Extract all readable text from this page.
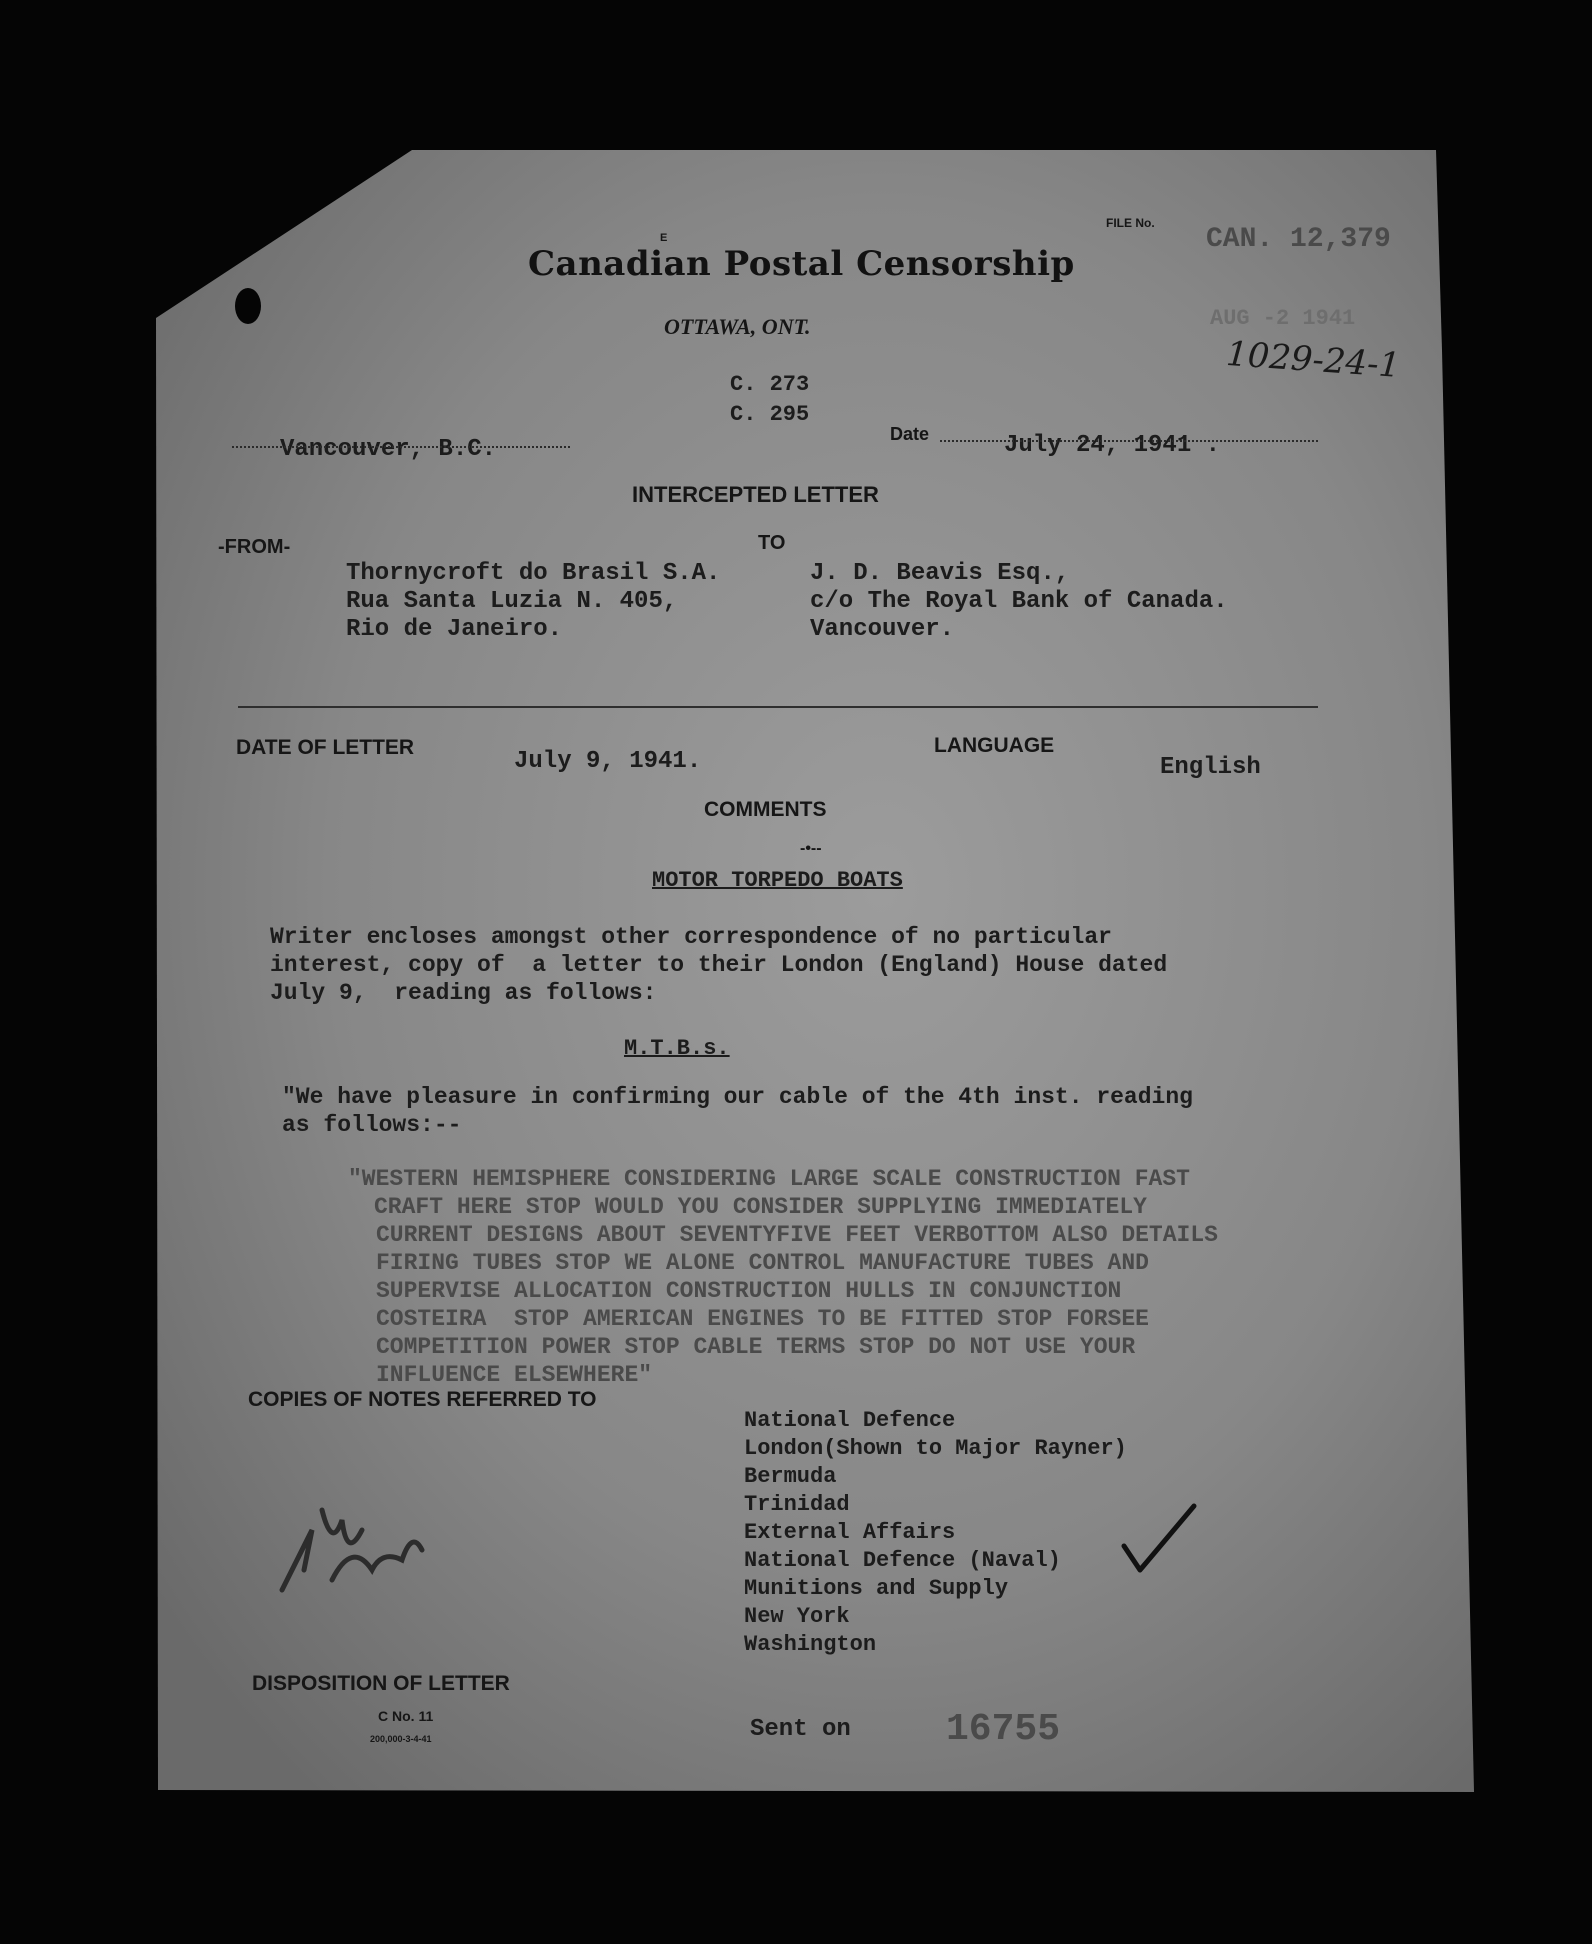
FILE No.
CAN. 12,379
AUG -2 1941
1029-24-1
E
Canadian Postal Censorship
OTTAWA, ONT.
C. 273
C. 295
Vancouver, B.C.
Date	July 24, 1941 .
INTERCEPTED LETTER
-FROM-	TO
Thornycroft do Brasil S.A.
Rua Santa Luzia N. 405,
Rio de Janeiro.
J. D. Beavis Esq.,
c/o The Royal Bank of Canada.
Vancouver.
DATE OF LETTER
July 9, 1941.
LANGUAGE
English
COMMENTS
-•--
MOTOR TORPEDO BOATS
Writer encloses amongst other correspondence of no particular
interest, copy of  a letter to their London (England) House dated
July 9,  reading as follows:
M.T.B.s.
"We have pleasure in confirming our cable of the 4th inst. reading
as follows:--
"WESTERN HEMISPHERE CONSIDERING LARGE SCALE CONSTRUCTION FAST
CRAFT HERE STOP WOULD YOU CONSIDER SUPPLYING IMMEDIATELY
CURRENT DESIGNS ABOUT SEVENTYFIVE FEET VERBOTTOM ALSO DETAILS
FIRING TUBES STOP WE ALONE CONTROL MANUFACTURE TUBES AND
SUPERVISE ALLOCATION CONSTRUCTION HULLS IN CONJUNCTION
COSTEIRA  STOP AMERICAN ENGINES TO BE FITTED STOP FORSEE
COMPETITION POWER STOP CABLE TERMS STOP DO NOT USE YOUR
INFLUENCE ELSEWHERE"
COPIES OF NOTES REFERRED TO
National Defence
London(Shown to Major Rayner)
Bermuda
Trinidad
External Affairs
National Defence (Naval)
Munitions and Supply
New York
Washington
DISPOSITION OF LETTER
C No. 11
200,000-3-4-41	Sent on	16755
